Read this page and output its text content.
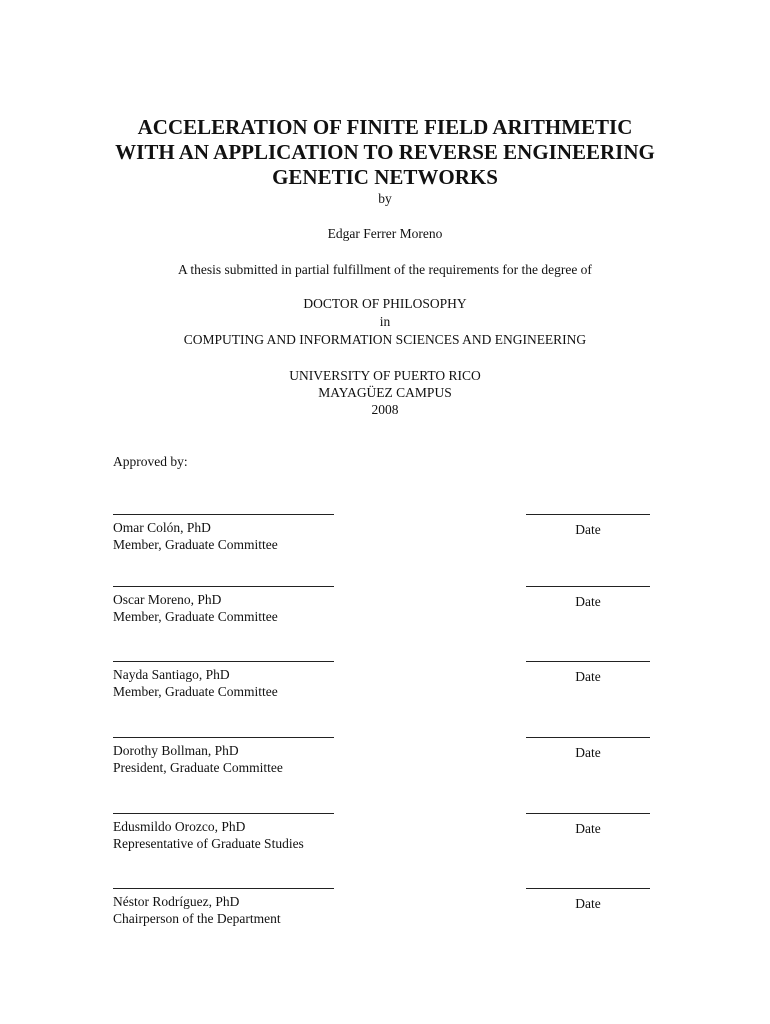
ACCELERATION OF FINITE FIELD ARITHMETIC
WITH AN APPLICATION TO REVERSE ENGINEERING
GENETIC NETWORKS
by
Edgar Ferrer Moreno
A thesis submitted in partial fulfillment of the requirements for the degree of
DOCTOR OF PHILOSOPHY
in
COMPUTING AND INFORMATION SCIENCES AND ENGINEERING
UNIVERSITY OF PUERTO RICO
MAYAGÜEZ CAMPUS
2008
Approved by:
Omar Colón, PhD
Member, Graduate Committee
Date
Oscar Moreno, PhD
Member, Graduate Committee
Date
Nayda Santiago, PhD
Member, Graduate Committee
Date
Dorothy Bollman, PhD
President, Graduate Committee
Date
Edusmildo Orozco, PhD
Representative of Graduate Studies
Date
Néstor Rodríguez, PhD
Chairperson of the Department
Date
